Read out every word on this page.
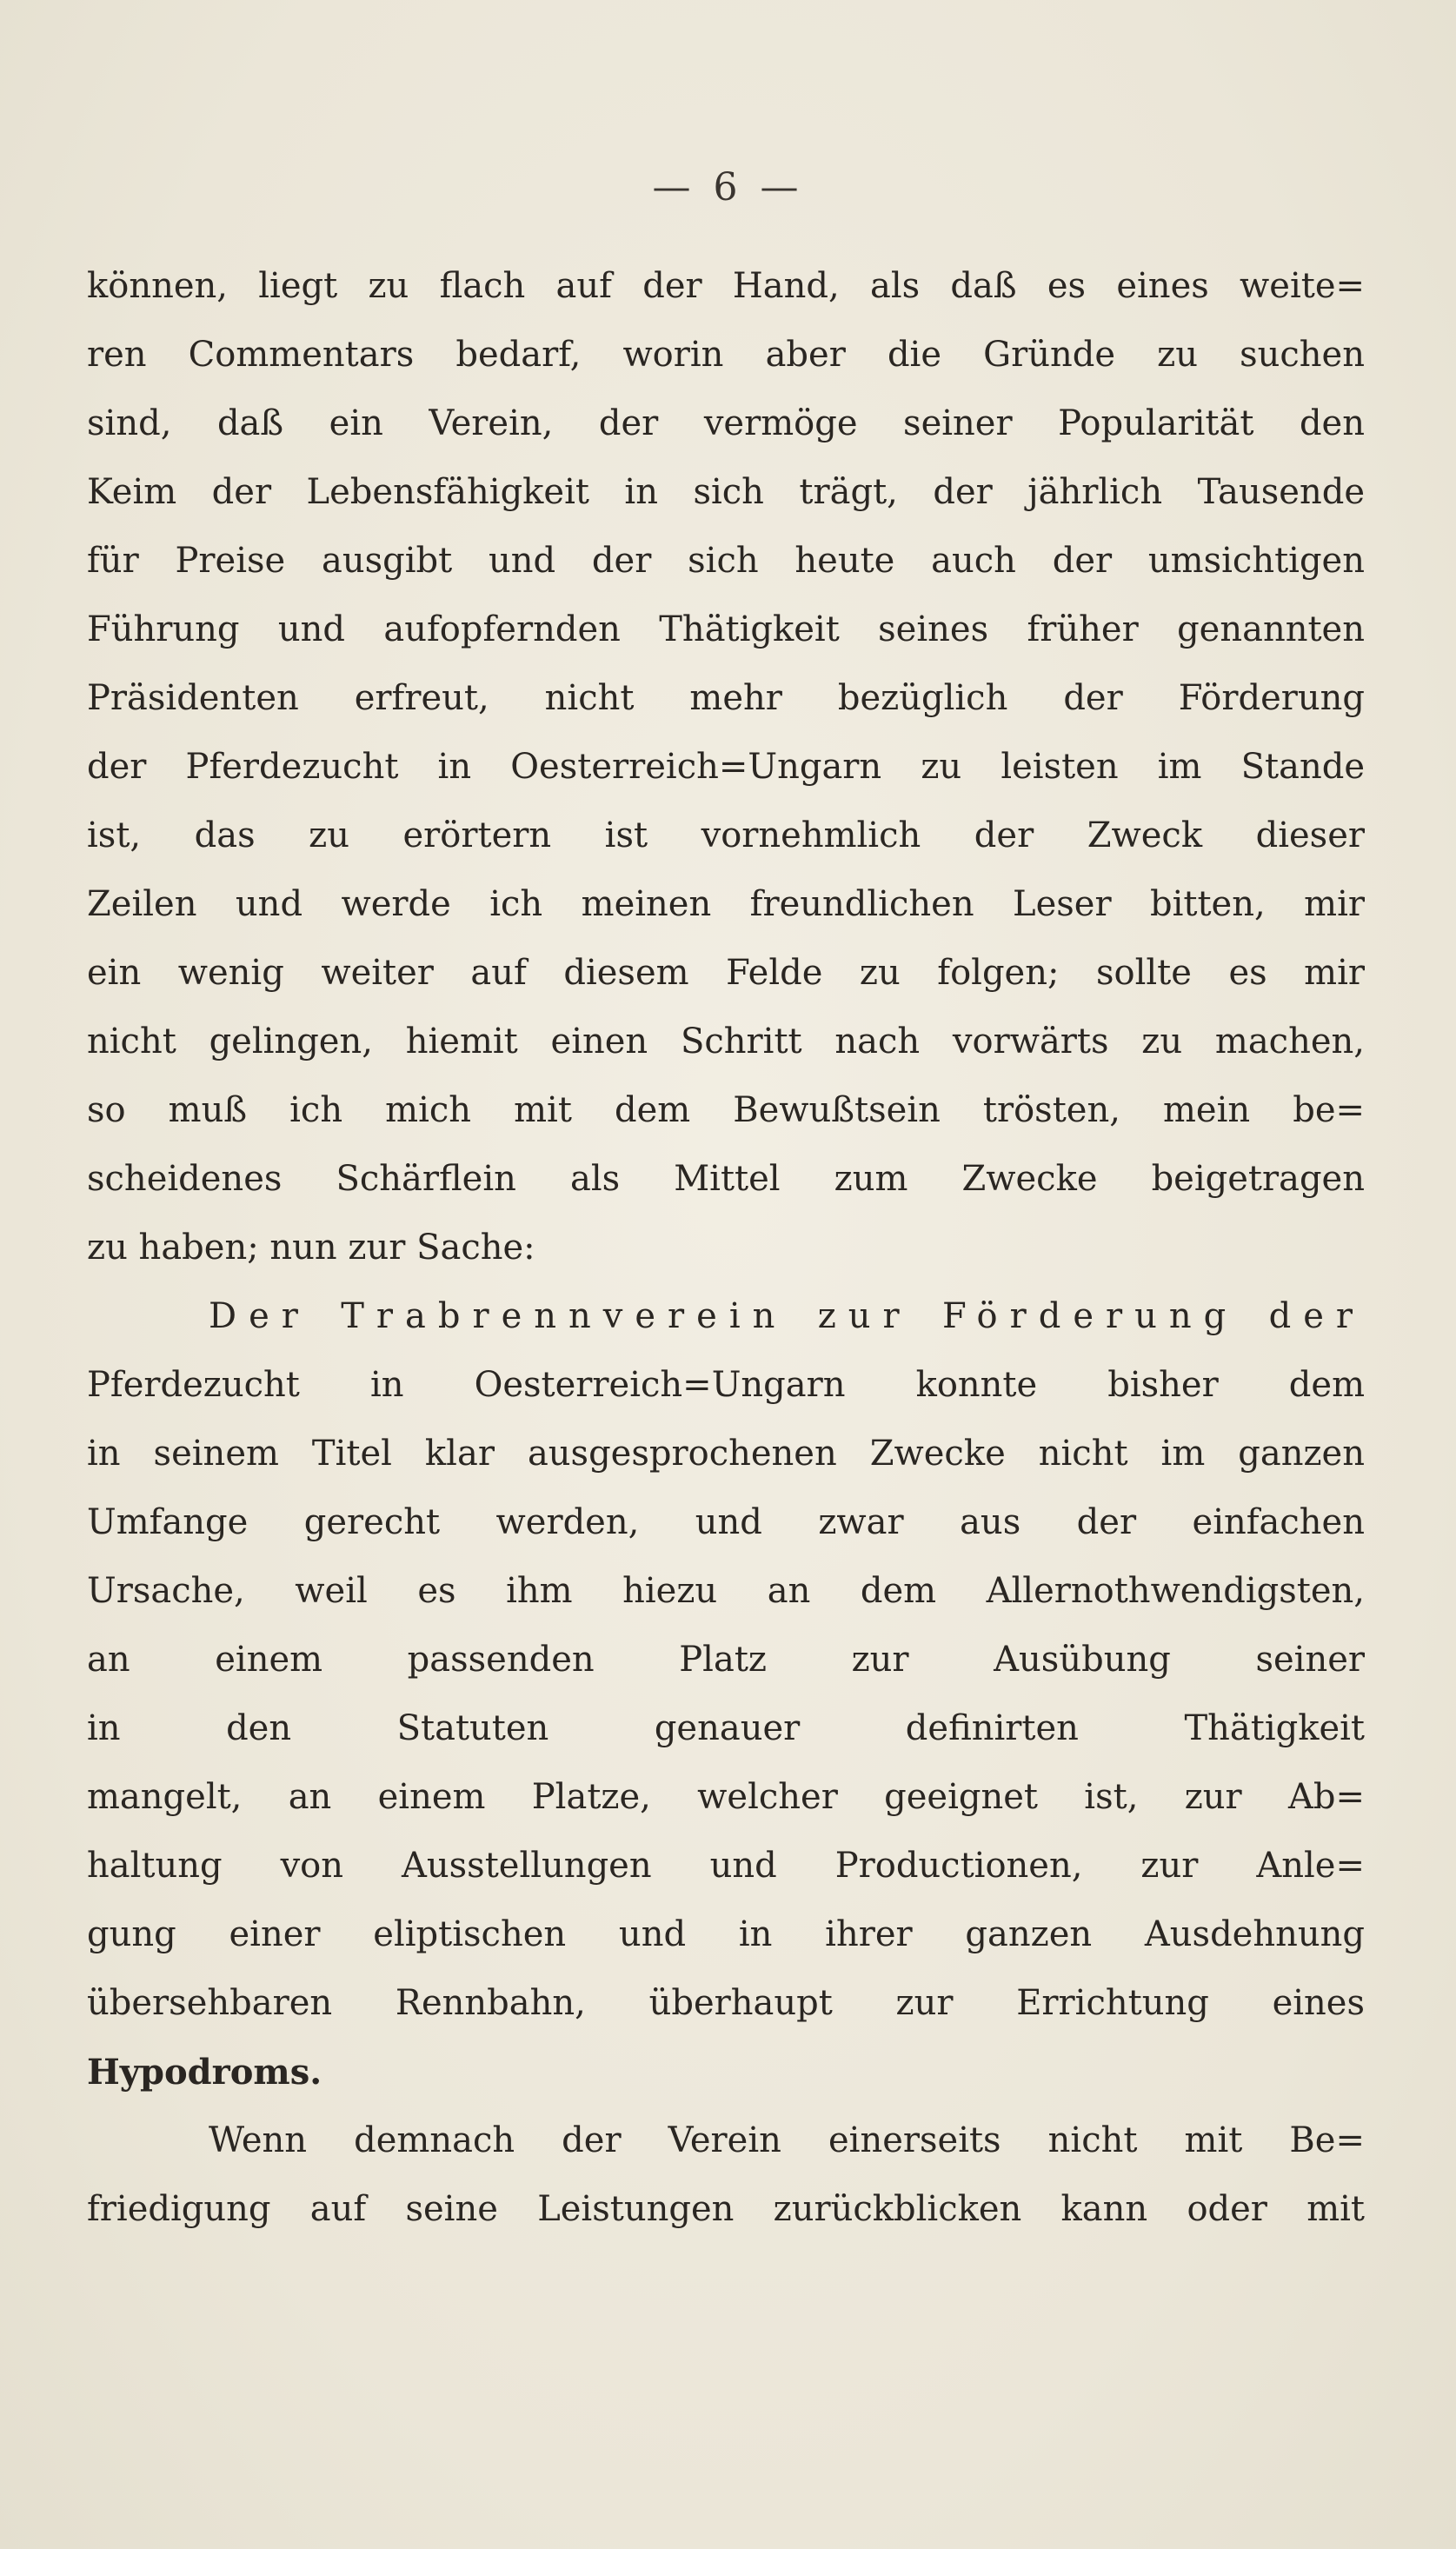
— 6 —
können, liegt zu flach auf der Hand, als daß es eines weite=
ren Commentars bedarf, worin aber die Gründe zu suchen
sind, daß ein Verein, der vermöge seiner Popularität den
Keim der Lebensfähigkeit in sich trägt, der jährlich Tausende
für Preise ausgibt und der sich heute auch der umsichtigen
Führung und aufopfernden Thätigkeit seines früher genannten
Präsidenten erfreut, nicht mehr bezüglich der Förderung
der Pferdezucht in Oesterreich=Ungarn zu leisten im Stande
ist, das zu erörtern ist vornehmlich der Zweck dieser
Zeilen und werde ich meinen freundlichen Leser bitten, mir
ein wenig weiter auf diesem Felde zu folgen; sollte es mir
nicht gelingen, hiemit einen Schritt nach vorwärts zu machen,
so muß ich mich mit dem Bewußtsein trösten, mein be=
scheidenes Schärflein als Mittel zum Zwecke beigetragen
zu haben; nun zur Sache:
Der Trabrennverein zur Förderung der
Pferdezucht in Oesterreich=Ungarn konnte bisher dem
in seinem Titel klar ausgesprochenen Zwecke nicht im ganzen
Umfange gerecht werden, und zwar aus der einfachen
Ursache, weil es ihm hiezu an dem Allernothwendigsten,
an einem passenden Platz zur Ausübung seiner
in den Statuten genauer definirten Thätigkeit
mangelt, an einem Platze, welcher geeignet ist, zur Ab=
haltung von Ausstellungen und Productionen, zur Anle=
gung einer eliptischen und in ihrer ganzen Ausdehnung
übersehbaren Rennbahn, überhaupt zur Errichtung eines
Hypodroms.
Wenn demnach der Verein einerseits nicht mit Be=
friedigung auf seine Leistungen zurückblicken kann oder mit
